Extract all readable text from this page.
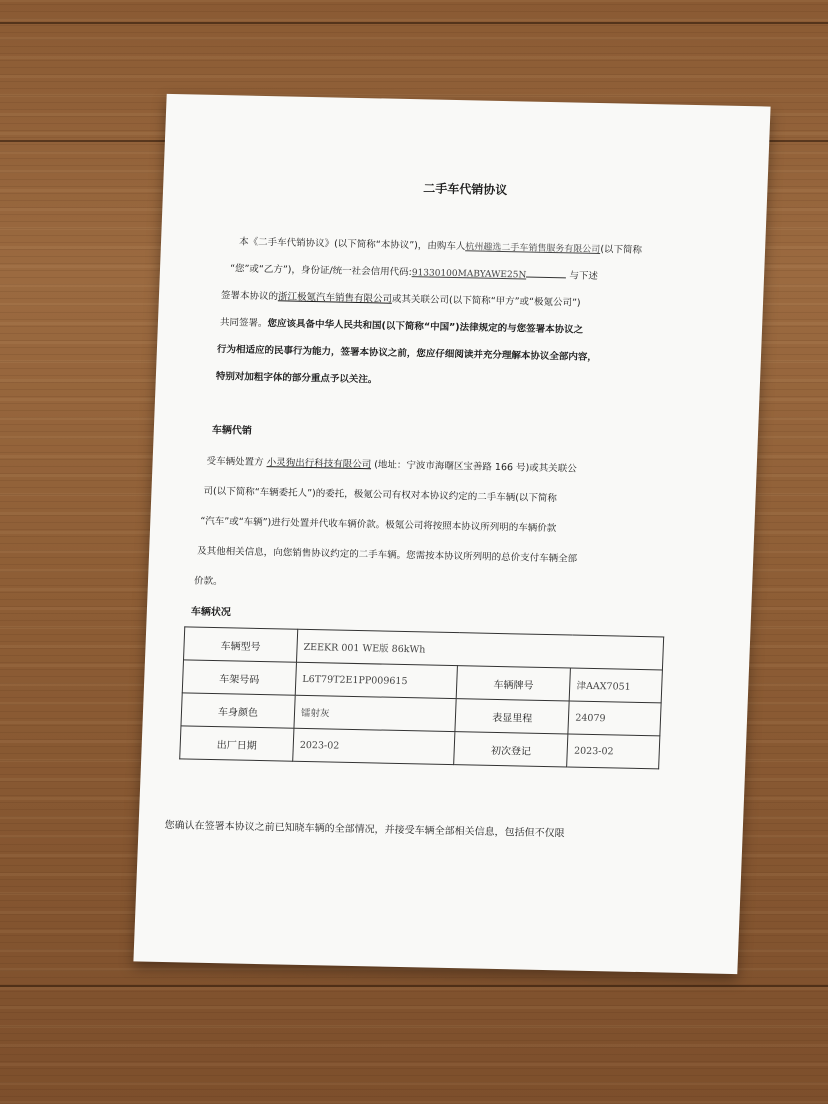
二手车代销协议
本《二手车代销协议》(以下简称“本协议”)，由购车人杭州趣选二手车销售服务有限公司(以下简称
“您”或“乙方”)，身份证/统一社会信用代码:91330100MABYAWE25N	与下述
签署本协议的浙江极氪汽车销售有限公司或其关联公司(以下简称“甲方”或“极氪公司”)
共同签署。您应该具备中华人民共和国(以下简称“中国”)法律规定的与您签署本协议之
行为相适应的民事行为能力，签署本协议之前，您应仔细阅读并充分理解本协议全部内容，
特别对加粗字体的部分重点予以关注。
车辆代销
受车辆处置方 小灵狗出行科技有限公司 (地址：宁波市海曙区宝善路 166 号)或其关联公
司(以下简称“车辆委托人”)的委托，极氪公司有权对本协议约定的二手车辆(以下简称
“汽车”或“车辆”)进行处置并代收车辆价款。极氪公司将按照本协议所列明的车辆价款
及其他相关信息，向您销售协议约定的二手车辆。您需按本协议所列明的总价支付车辆全部
价款。
车辆状况
车辆型号	ZEEKR 001 WE版 86kWh		
车架号码	L6T79T2E1PP009615	车辆牌号	津AAX7051
车身颜色	镭射灰	表显里程	24079
出厂日期	2023-02	初次登记	2023-02
您确认在签署本协议之前已知晓车辆的全部情况，并接受车辆全部相关信息，包括但不仅限
